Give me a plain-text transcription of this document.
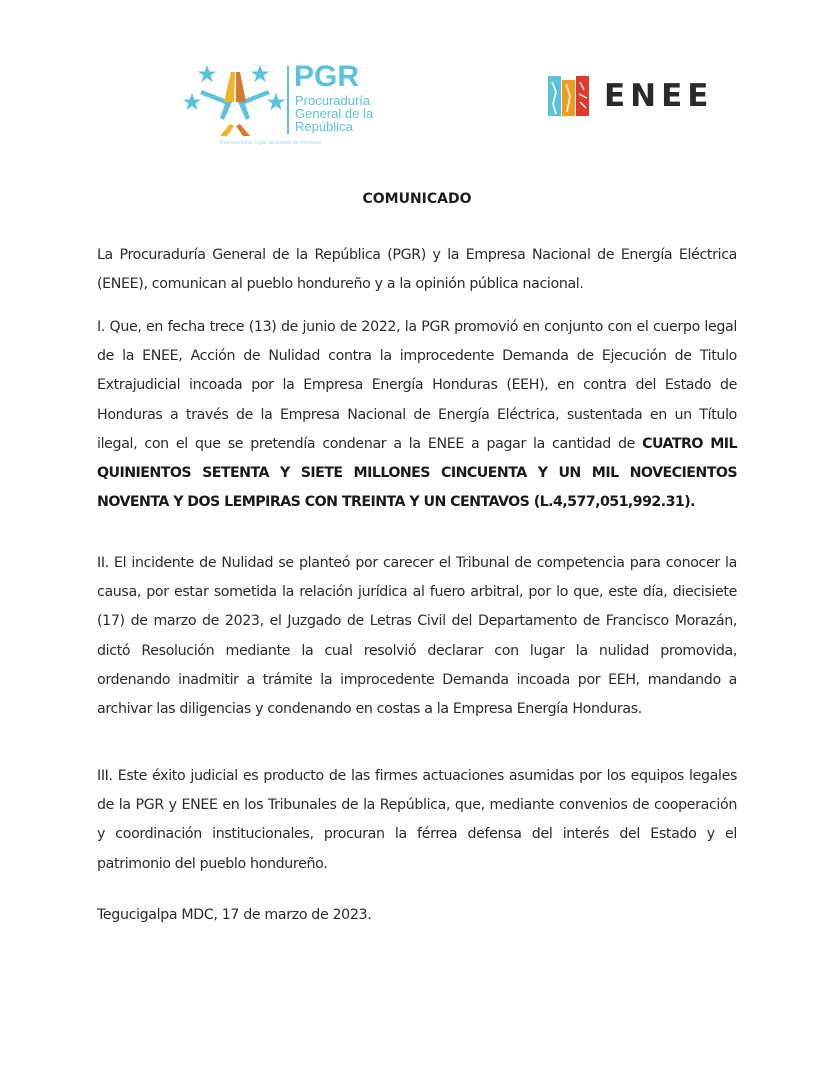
PGR
Procuraduría
General de la
República
Representante Legal del Estado de Honduras
ENEE
COMUNICADO
La Procuraduría General de la República (PGR) y la Empresa Nacional de Energía Eléctrica (ENEE), comunican al pueblo hondureño y a la opinión pública nacional.
I. Que, en fecha trece (13) de junio de 2022, la PGR promovió en conjunto con el cuerpo legal de la ENEE, Acción de Nulidad contra la improcedente Demanda de Ejecución de Titulo Extrajudicial incoada por la Empresa Energía Honduras (EEH), en contra del Estado de Honduras a través de la Empresa Nacional de Energía Eléctrica, sustentada en un Título ilegal, con el que se pretendía condenar a la ENEE a pagar la cantidad de CUATRO MIL QUINIENTOS SETENTA Y SIETE MILLONES CINCUENTA Y UN MIL NOVECIENTOS NOVENTA Y DOS LEMPIRAS CON TREINTA Y UN CENTAVOS (L.4,577,051,992.31).
II. El incidente de Nulidad se planteó por carecer el Tribunal de competencia para conocer la causa, por estar sometida la relación jurídica al fuero arbitral, por lo que, este día, diecisiete (17) de marzo de 2023, el Juzgado de Letras Civil del Departamento de Francisco Morazán, dictó Resolución mediante la cual resolvió declarar con lugar la nulidad promovida, ordenando inadmitir a trámite la improcedente Demanda incoada por EEH, mandando a archivar las diligencias y condenando en costas a la Empresa Energía Honduras.
III. Este éxito judicial es producto de las firmes actuaciones asumidas por los equipos legales de la PGR y ENEE en los Tribunales de la República, que, mediante convenios de cooperación y coordinación institucionales, procuran la férrea defensa del interés del Estado y el patrimonio del pueblo hondureño.
Tegucigalpa MDC, 17 de marzo de 2023.
